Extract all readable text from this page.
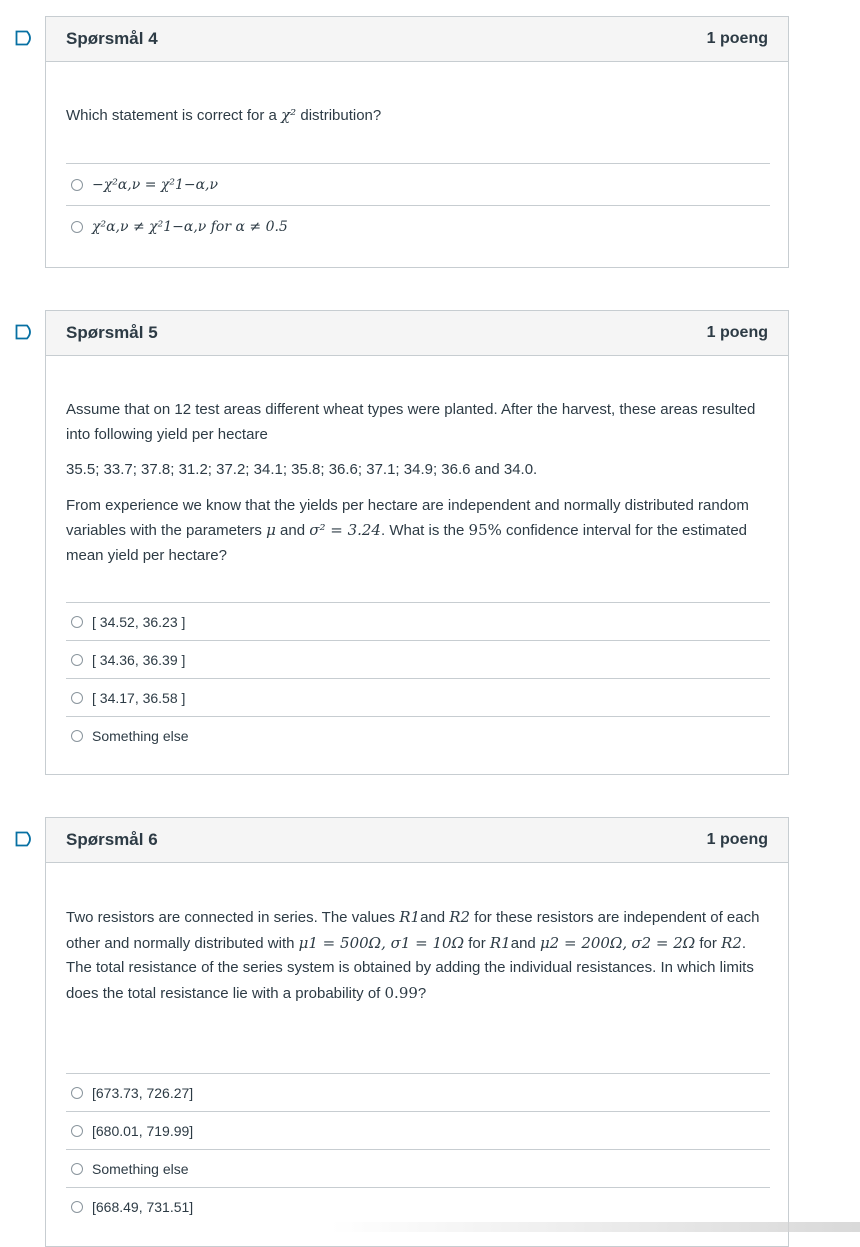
Spørsmål 4	1 poeng
Which statement is correct for a χ² distribution?
−χ²α,ν = χ²1−α,ν
χ²α,ν ≠ χ²1−α,ν for α ≠ 0.5
Spørsmål 5	1 poeng

Assume that on 12 test areas different wheat types were planted. After the harvest, these areas resulted into following yield per hectare

35.5; 33.7; 37.8; 31.2; 37.2; 34.1; 35.8; 36.6; 37.1; 34.9; 36.6 and 34.0.

From experience we know that the yields per hectare are independent and normally distributed random variables with the parameters μ and σ² = 3.24. What is the 95% confidence interval for the estimated mean yield per hectare?

[ 34.52, 36.23 ]
[ 34.36, 36.39 ]
[ 34.17, 36.58 ]
Something else
Spørsmål 6	1 poeng
Two resistors are connected in series. The values R1and R2 for these resistors are independent of each other and normally distributed with μ1 = 500Ω, σ1 = 10Ω for R1and μ2 = 200Ω, σ2 = 2Ω for R2. The total resistance of the series system is obtained by adding the individual resistances. In which limits does the total resistance lie with a probability of 0.99?
[673.73, 726.27]
[680.01, 719.99]
Something else
[668.49, 731.51]
